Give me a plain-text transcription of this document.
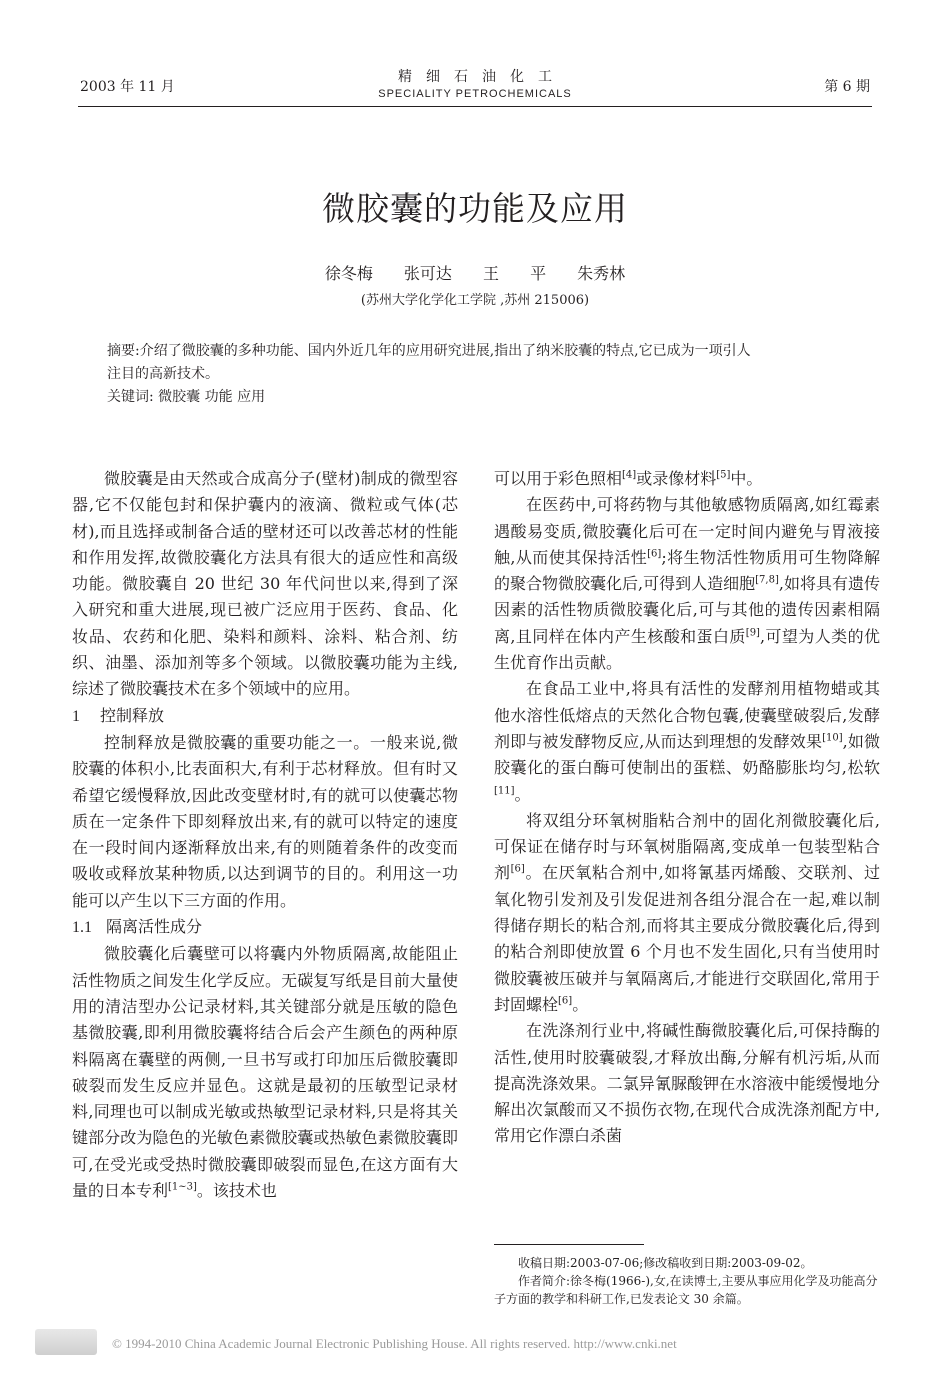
2003 年 11 月
精细石油化工
SPECIALITY PETROCHEMICALS	第 6 期
微胶囊的功能及应用
徐冬梅 张可达 王 平 朱秀林
(苏州大学化学化工学院 ,苏州 215006)

摘要:介绍了微胶囊的多种功能、国内外近几年的应用研究进展,指出了纳米胶囊的特点,它已成为一项引人

注目的高新技术。

关键词: 微胶囊 功能 应用

微胶囊是由天然或合成高分子(壁材)制成的微型容器,它不仅能包封和保护囊内的液滴、微粒或气体(芯材),而且选择或制备合适的壁材还可以改善芯材的性能和作用发挥,故微胶囊化方法具有很大的适应性和高级功能。微胶囊自 20 世纪 30 年代问世以来,得到了深入研究和重大进展,现已被广泛应用于医药、食品、化妆品、农药和化肥、染料和颜料、涂料、粘合剂、纺织、油墨、添加剂等多个领域。以微胶囊功能为主线,综述了微胶囊技术在多个领域中的应用。

1 控制释放

控制释放是微胶囊的重要功能之一。一般来说,微胶囊的体积小,比表面积大,有利于芯材释放。但有时又希望它缓慢释放,因此改变壁材时,有的就可以使囊芯物质在一定条件下即刻释放出来,有的就可以特定的速度在一段时间内逐渐释放出来,有的则随着条件的改变而吸收或释放某种物质,以达到调节的目的。利用这一功能可以产生以下三方面的作用。

1.1 隔离活性成分

微胶囊化后囊壁可以将囊内外物质隔离,故能阻止活性物质之间发生化学反应。无碳复写纸是目前大量使用的清洁型办公记录材料,其关键部分就是压敏的隐色基微胶囊,即利用微胶囊将结合后会产生颜色的两种原料隔离在囊壁的两侧,一旦书写或打印加压后微胶囊即破裂而发生反应并显色。这就是最初的压敏型记录材料,同理也可以制成光敏或热敏型记录材料,只是将其关键部分改为隐色的光敏色素微胶囊或热敏色素微胶囊即可,在受光或受热时微胶囊即破裂而显色,在这方面有大量的日本专利[1~3]。该技术也

可以用于彩色照相[4]或录像材料[5]中。

在医药中,可将药物与其他敏感物质隔离,如红霉素遇酸易变质,微胶囊化后可在一定时间内避免与胃液接触,从而使其保持活性[6];将生物活性物质用可生物降解的聚合物微胶囊化后,可得到人造细胞[7,8],如将具有遗传因素的活性物质微胶囊化后,可与其他的遗传因素相隔离,且同样在体内产生核酸和蛋白质[9],可望为人类的优生优育作出贡献。

在食品工业中,将具有活性的发酵剂用植物蜡或其他水溶性低熔点的天然化合物包囊,使囊壁破裂后,发酵剂即与被发酵物反应,从而达到理想的发酵效果[10],如微胶囊化的蛋白酶可使制出的蛋糕、奶酪膨胀均匀,松软[11]。

将双组分环氧树脂粘合剂中的固化剂微胶囊化后,可保证在储存时与环氧树脂隔离,变成单一包装型粘合剂[6]。在厌氧粘合剂中,如将氰基丙烯酸、交联剂、过氧化物引发剂及引发促进剂各组分混合在一起,难以制得储存期长的粘合剂,而将其主要成分微胶囊化后,得到的粘合剂即使放置 6 个月也不发生固化,只有当使用时微胶囊被压破并与氧隔离后,才能进行交联固化,常用于封固螺栓[6]。

在洗涤剂行业中,将碱性酶微胶囊化后,可保持酶的活性,使用时胶囊破裂,才释放出酶,分解有机污垢,从而提高洗涤效果。二氯异氰脲酸钾在水溶液中能缓慢地分解出次氯酸而又不损伤衣物,在现代合成洗涤剂配方中,常用它作漂白杀菌

收稿日期:2003-07-06;修改稿收到日期:2003-09-02。

作者简介:徐冬梅(1966-),女,在读博士,主要从事应用化学及功能高分子方面的教学和科研工作,已发表论文 30 余篇。

© 1994-2010 China Academic Journal Electronic Publishing House. All rights reserved. http://www.cnki.net
